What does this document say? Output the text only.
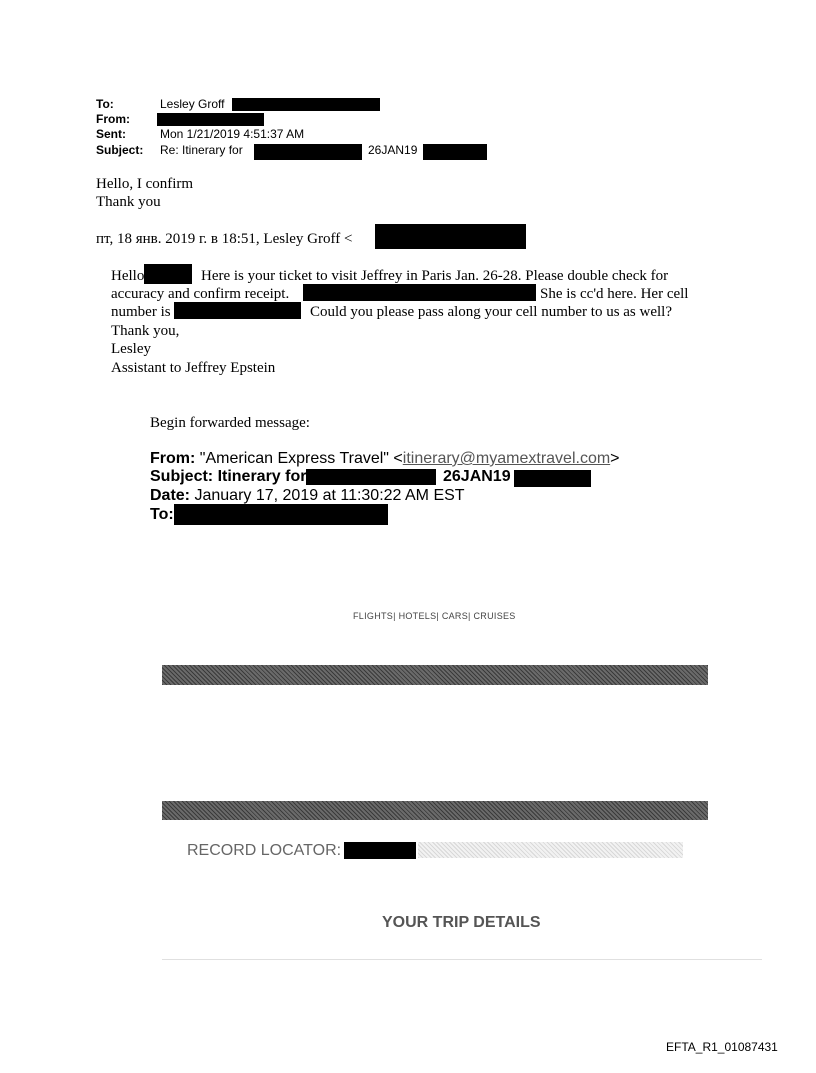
To:	Lesley Groff
From:
Sent:	Mon 1/21/2019 4:51:37 AM
Subject: Re: Itinerary for	26JAN19
Hello, I confirm
Thank you
пт, 18 янв. 2019 г. в 18:51, Lesley Groff <
Hello	Here is your ticket to visit Jeffrey in Paris Jan. 26-28. Please double check for
accuracy and confirm receipt.	She is cc'd here. Her cell
number is	Could you please pass along your cell number to us as well?
Thank you,
Lesley
Assistant to Jeffrey Epstein
Begin forwarded message:
From: "American Express Travel" <itinerary@myamextravel.com>
Subject: Itinerary for	26JAN19
Date: January 17, 2019 at 11:30:22 AM EST
To:
FLIGHTS| HOTELS| CARS| CRUISES
RECORD LOCATOR:
YOUR TRIP DETAILS
EFTA_R1_01087431
